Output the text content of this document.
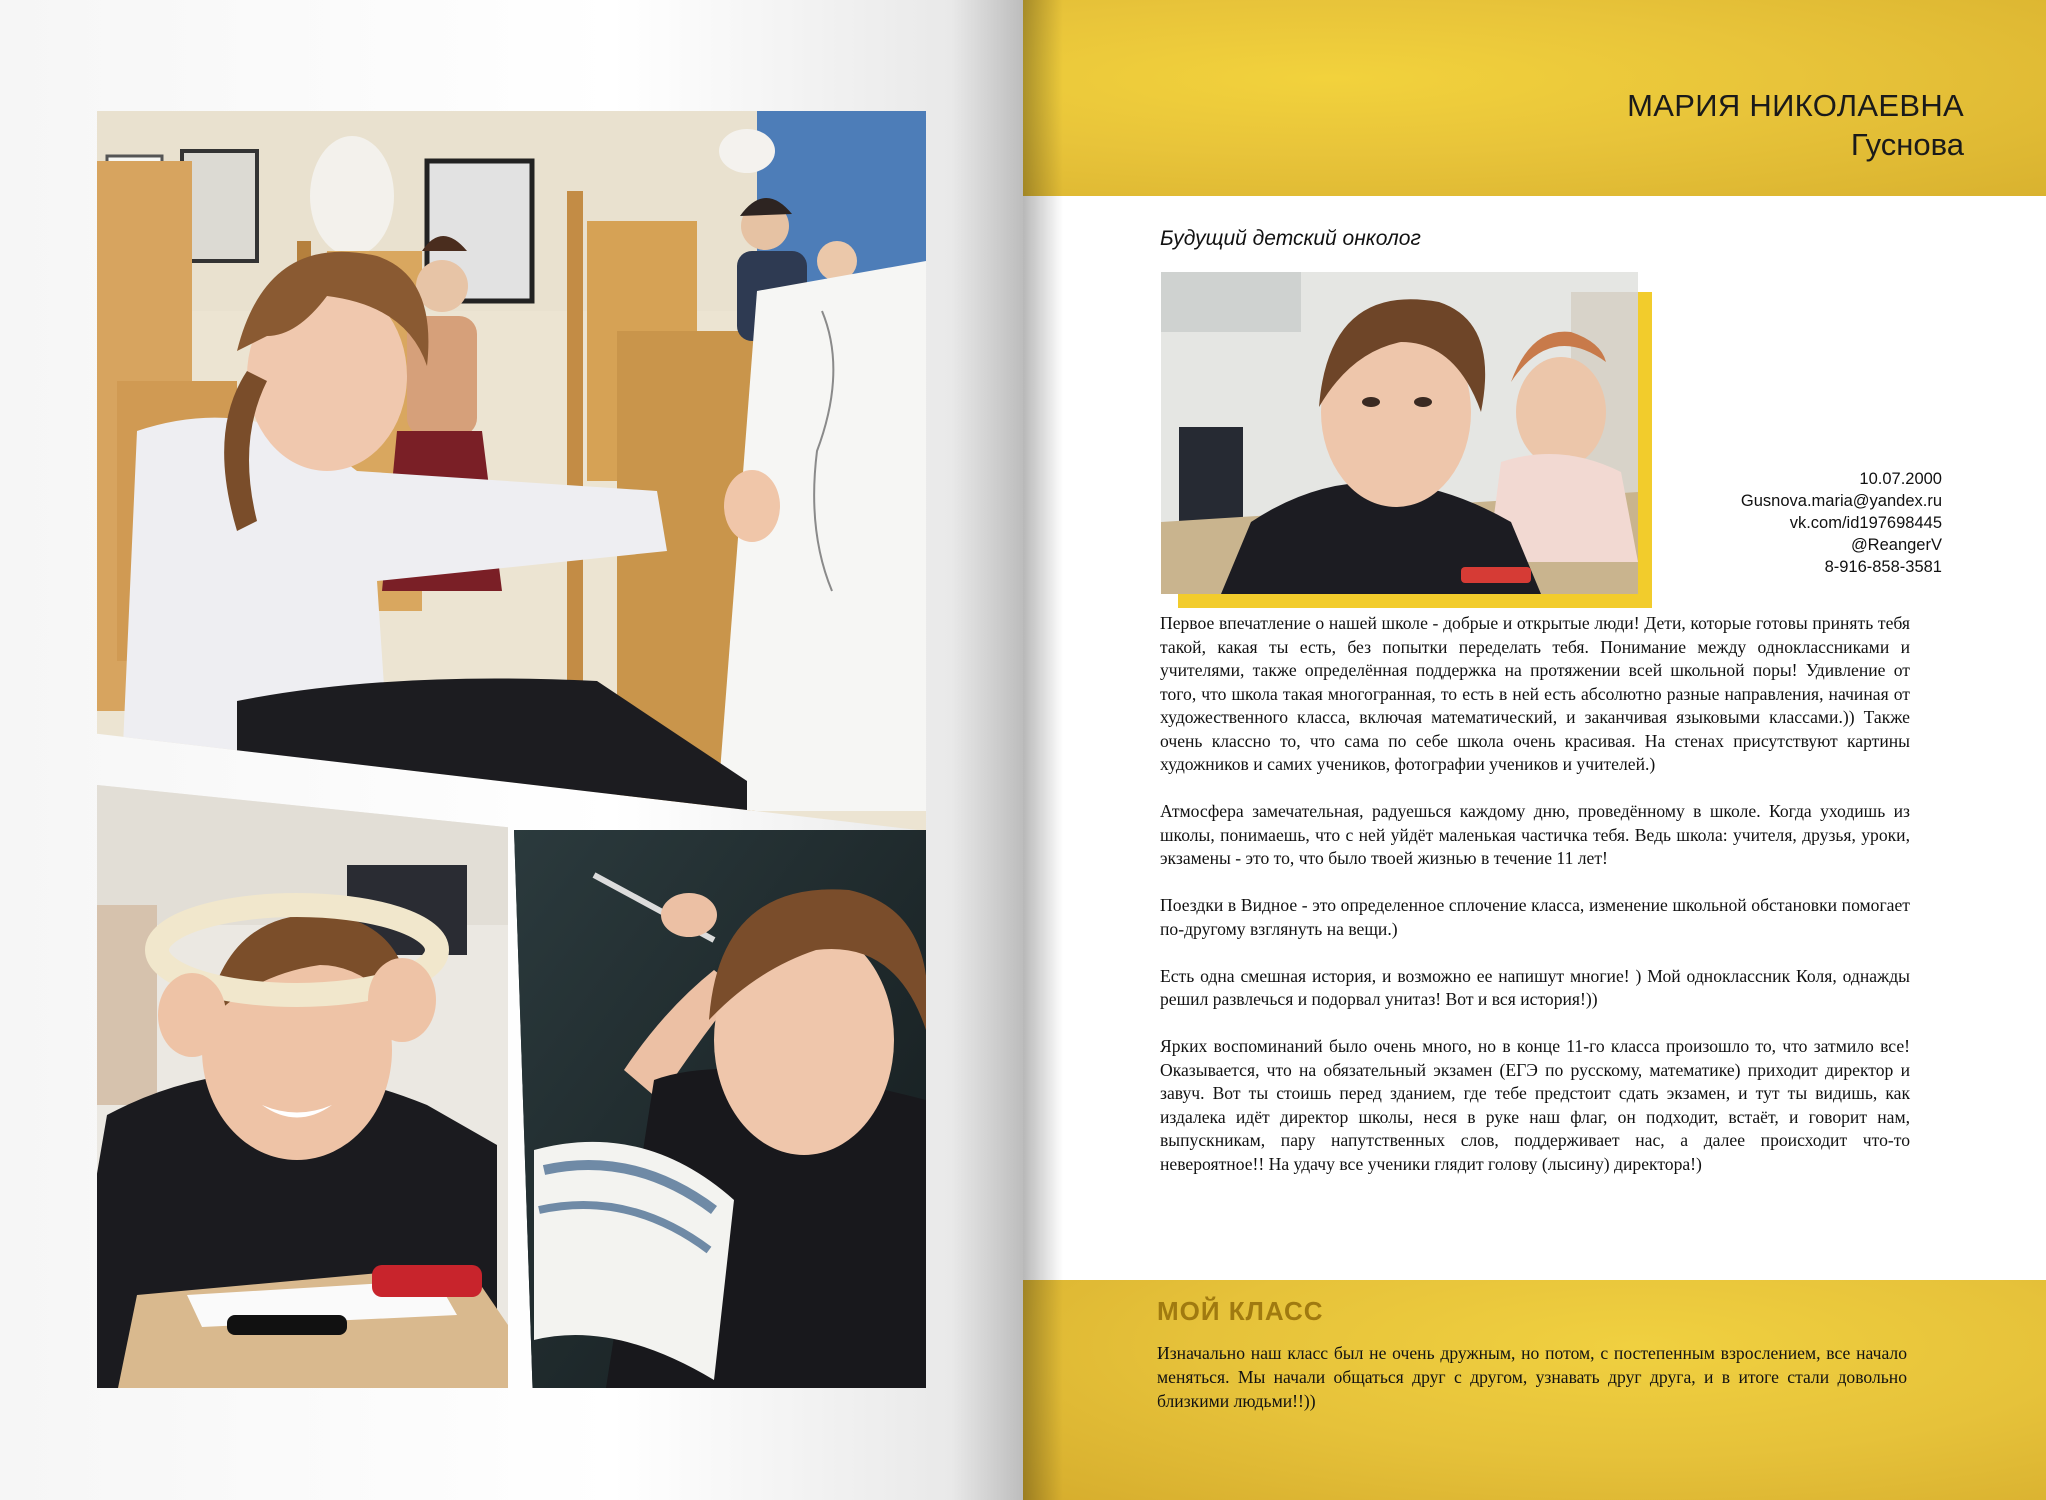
МАРИЯ НИКОЛАЕВНА

Гуснова

Будущий детский онколог

10.07.2000
Gusnova.maria@yandex.ru
vk.com/id197698445
@ReangerV
8-916-858-3581

Первое впечатление о нашей школе - добрые и открытые люди! Дети, которые готовы принять тебя такой, какая ты есть, без попытки переделать тебя. Понимание между одноклассниками и учителями, также определённая поддержка на протяжении всей школьной поры! Удивление от того, что школа такая многогранная, то есть в ней есть абсолютно разные направления, начиная от художественного класса, включая математический, и заканчивая языковыми классами.)) Также очень классно то, что сама по себе школа очень красивая. На стенах присутствуют картины художников и самих учеников, фотографии учеников и учителей.)

Атмосфера замечательная, радуешься каждому дню, проведённому в школе. Когда уходишь из школы, понимаешь, что с ней уйдёт маленькая частичка тебя. Ведь школа: учителя, друзья, уроки, экзамены - это то, что было твоей жизнью в течение 11 лет!

Поездки в Видное - это определенное сплочение класса, изменение школьной обстановки помогает по-другому взглянуть на вещи.)

Есть одна смешная история, и возможно ее напишут многие! ) Мой одноклассник Коля, однажды решил развлечься и подорвал унитаз! Вот и вся история!))

Ярких воспоминаний было очень много, но в конце 11-го класса произошло то, что затмило все! Оказывается, что на обязательный экзамен (ЕГЭ по русскому, математике) приходит директор и завуч. Вот ты стоишь перед зданием, где тебе предстоит сдать экзамен, и тут ты видишь, как издалека идёт директор школы, неся в руке наш флаг, он подходит, встаёт, и говорит нам, выпускникам, пару напутственных слов, поддерживает нас, а далее происходит что-то невероятное!! На удачу все ученики глядит голову (лысину) директора!)

МОЙ КЛАСС

Изначально наш класс был не очень дружным, но потом, с постепенным взрослением, все начало меняться. Мы начали общаться друг с другом, узнавать друг друга, и в итоге стали довольно близкими людьми!!))
